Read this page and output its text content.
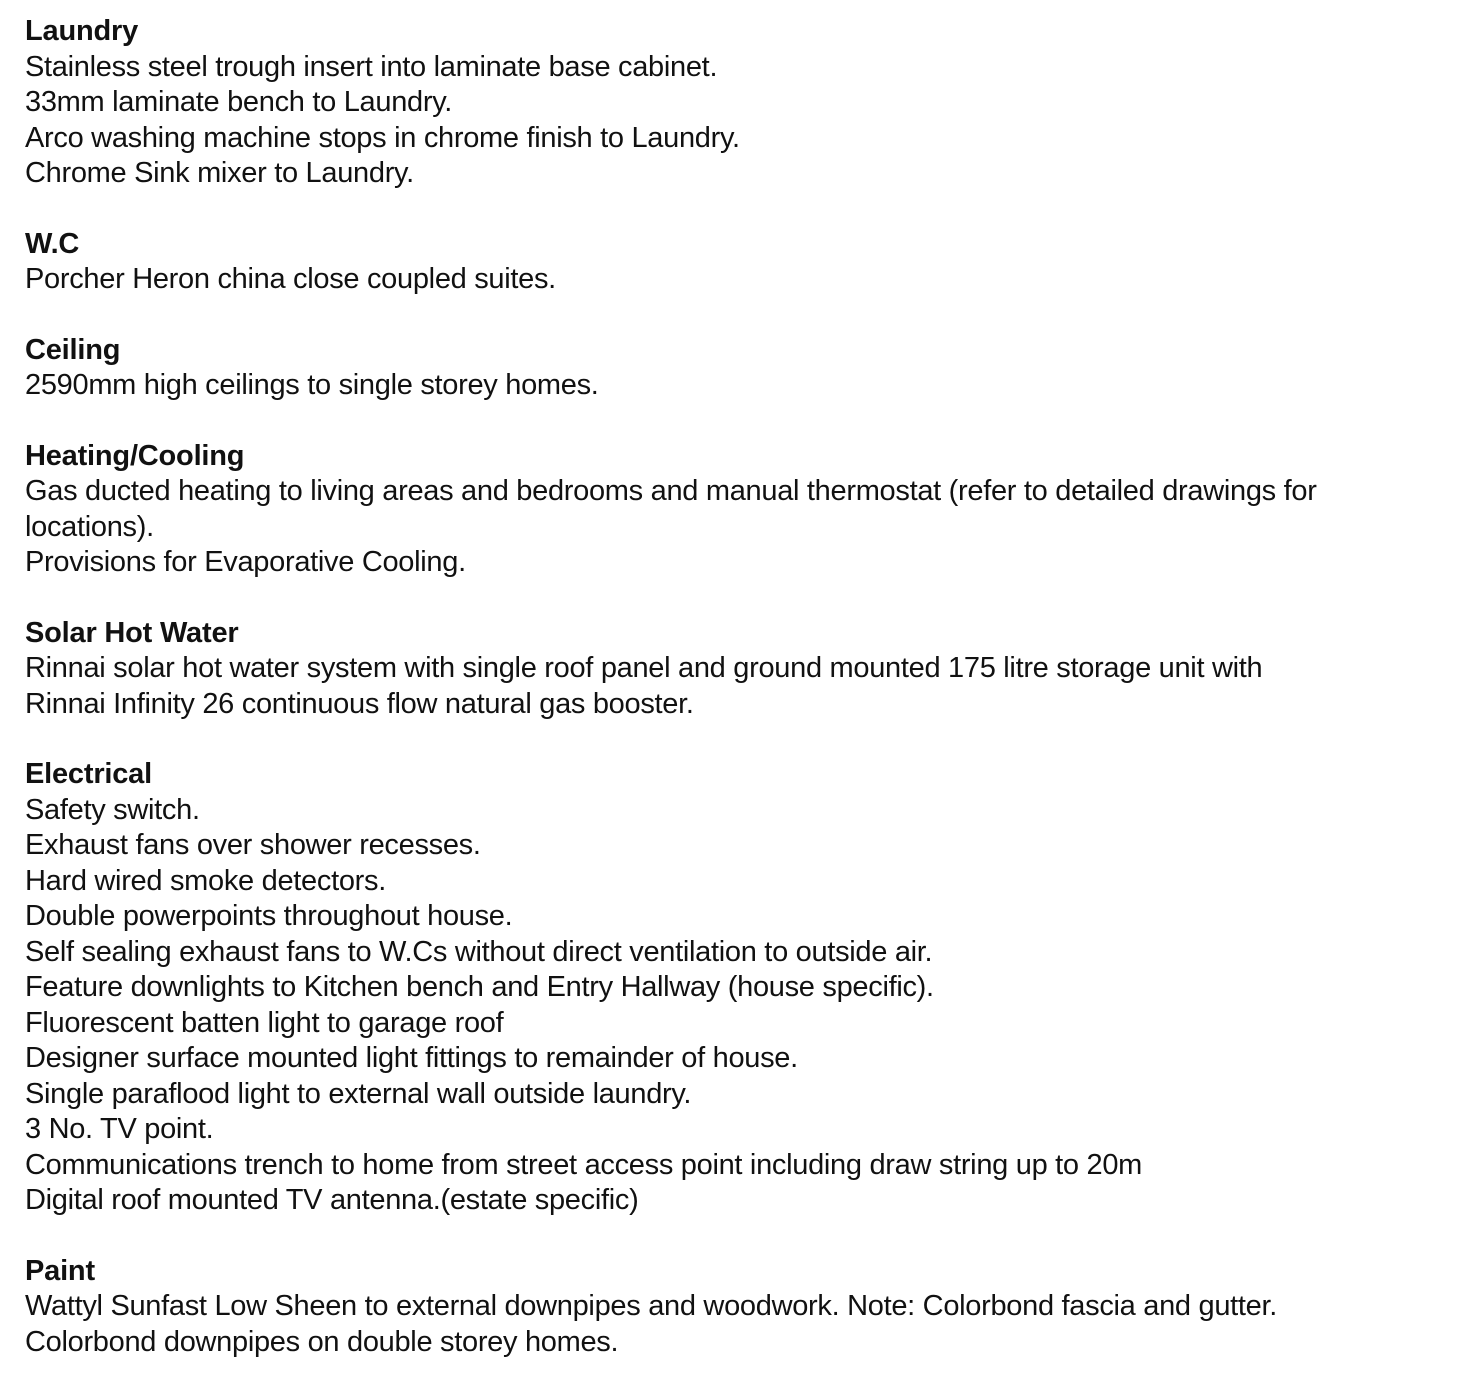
Laundry
Stainless steel trough insert into laminate base cabinet.
33mm laminate bench to Laundry.
Arco washing machine stops in chrome finish to Laundry.
Chrome Sink mixer to Laundry.
W.C
Porcher Heron china close coupled suites.
Ceiling
2590mm high ceilings to single storey homes.
Heating/Cooling
Gas ducted heating to living areas and bedrooms and manual thermostat (refer to detailed drawings for
locations).
Provisions for Evaporative Cooling.
Solar Hot Water
Rinnai solar hot water system with single roof panel and ground mounted 175 litre storage unit with
Rinnai Infinity 26 continuous flow natural gas booster.
Electrical
Safety switch.
Exhaust fans over shower recesses.
Hard wired smoke detectors.
Double powerpoints throughout house.
Self sealing exhaust fans to W.Cs without direct ventilation to outside air.
Feature downlights to Kitchen bench and Entry Hallway (house specific).
Fluorescent batten light to garage roof
Designer surface mounted light fittings to remainder of house.
Single paraflood light to external wall outside laundry.
3 No. TV point.
Communications trench to home from street access point including draw string up to 20m
Digital roof mounted TV antenna.(estate specific)
Paint
Wattyl Sunfast Low Sheen to external downpipes and woodwork. Note: Colorbond fascia and gutter.
Colorbond downpipes on double storey homes.
